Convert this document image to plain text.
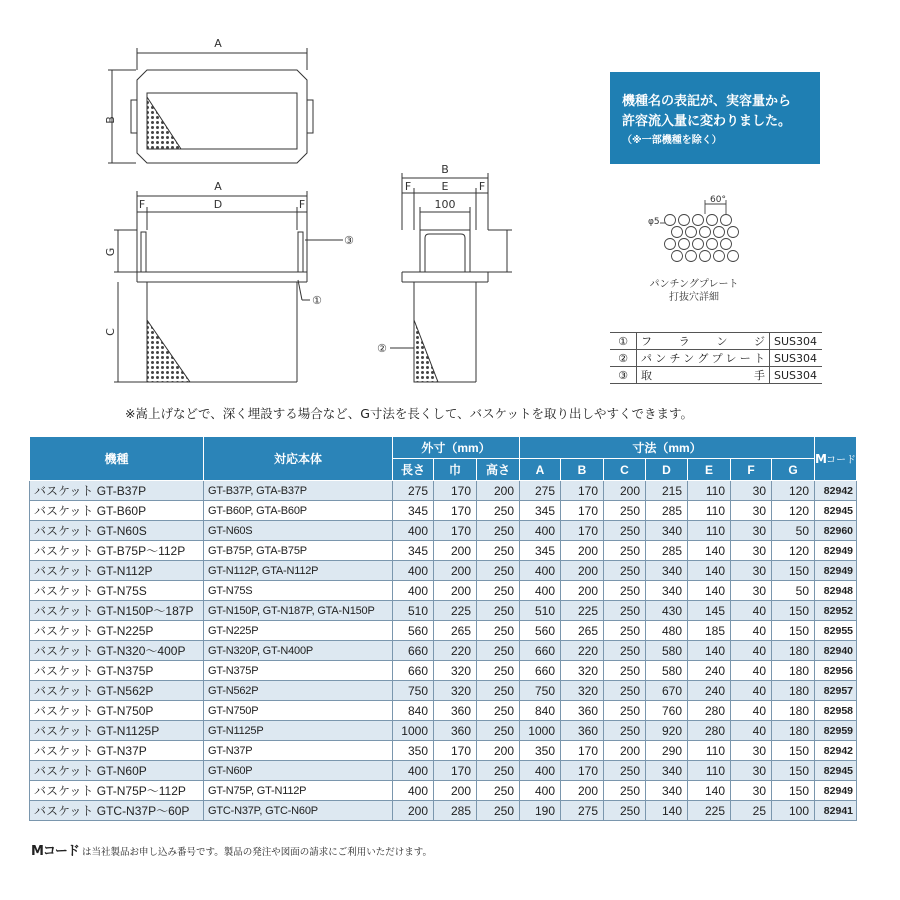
A
B
A
D
F	F
G
C
③
①
B
F	E	F
100
②
60°
φ5
パンチングプレート
打抜穴詳細
機種名の表記が、実容量から
許容流入量に変わりました。
（※一部機種を除く）
①	フランジ	SUS304
②	パンチングプレート	SUS304
③	取手	SUS304
※嵩上げなどで、深く埋設する場合など、G寸法を長くして、バスケットを取り出しやすくできます。
機種	対応本体	外寸（mm）			寸法（mm）							Mコード
		長さ	巾	高さ	A	B	C	D	E	F	G	
バスケット GT-B37P	GT-B37P, GTA-B37P	275	170	200	275	170	200	215	110	30	120	82942
バスケット GT-B60P	GT-B60P, GTA-B60P	345	170	250	345	170	250	285	110	30	120	82945
バスケット GT-N60S	GT-N60S	400	170	250	400	170	250	340	110	30	50	82960
バスケット GT-B75P～112P	GT-B75P, GTA-B75P	345	200	250	345	200	250	285	140	30	120	82949
バスケット GT-N112P	GT-N112P, GTA-N112P	400	200	250	400	200	250	340	140	30	150	82949
バスケット GT-N75S	GT-N75S	400	200	250	400	200	250	340	140	30	50	82948
バスケット GT-N150P～187P	GT-N150P, GT-N187P, GTA-N150P	510	225	250	510	225	250	430	145	40	150	82952
バスケット GT-N225P	GT-N225P	560	265	250	560	265	250	480	185	40	150	82955
バスケット GT-N320～400P	GT-N320P, GT-N400P	660	220	250	660	220	250	580	140	40	180	82940
バスケット GT-N375P	GT-N375P	660	320	250	660	320	250	580	240	40	180	82956
バスケット GT-N562P	GT-N562P	750	320	250	750	320	250	670	240	40	180	82957
バスケット GT-N750P	GT-N750P	840	360	250	840	360	250	760	280	40	180	82958
バスケット GT-N1125P	GT-N1125P	1000	360	250	1000	360	250	920	280	40	180	82959
バスケット GT-N37P	GT-N37P	350	170	200	350	170	200	290	110	30	150	82942
バスケット GT-N60P	GT-N60P	400	170	250	400	170	250	340	110	30	150	82945
バスケット GT-N75P～112P	GT-N75P, GT-N112P	400	200	250	400	200	250	340	140	30	150	82949
バスケット GTC-N37P～60P	GTC-N37P, GTC-N60P	200	285	250	190	275	250	140	225	25	100	82941
Mコード は当社製品お申し込み番号です。製品の発注や図面の請求にご利用いただけます。
